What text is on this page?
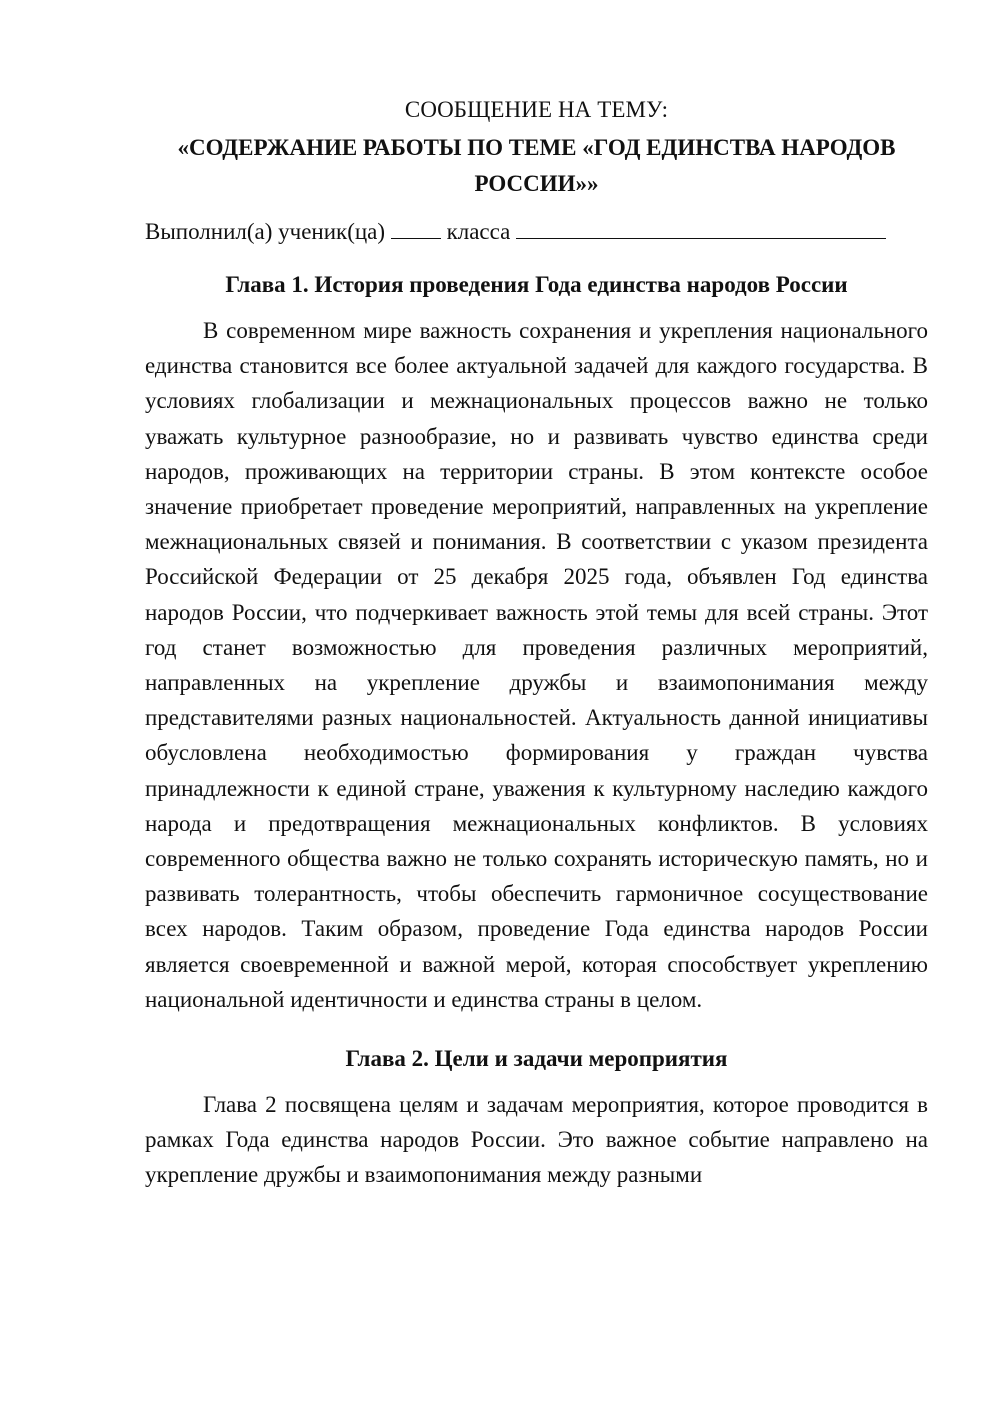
СООБЩЕНИЕ НА ТЕМУ:

«СОДЕРЖАНИЕ РАБОТЫ ПО ТЕМЕ «ГОД ЕДИНСТВА НАРОДОВ РОССИИ»»

Выполнил(а) ученик(ца)	класса

Глава 1. История проведения Года единства народов России

В современном мире важность сохранения и укрепления национального единства становится все более актуальной задачей для каждого государства. В условиях глобализации и межнациональных процессов важно не только уважать культурное разнообразие, но и развивать чувство единства среди народов, проживающих на территории страны. В этом контексте особое значение приобретает проведение мероприятий, направленных на укрепление межнациональных связей и понимания. В соответствии с указом президента Российской Федерации от 25 декабря 2025 года, объявлен Год единства народов России, что подчеркивает важность этой темы для всей страны. Этот год станет возможностью для проведения различных мероприятий, направленных на укрепление дружбы и взаимопонимания между представителями разных национальностей. Актуальность данной инициативы обусловлена необходимостью формирования у граждан чувства принадлежности к единой стране, уважения к культурному наследию каждого народа и предотвращения межнациональных конфликтов. В условиях современного общества важно не только сохранять историческую память, но и развивать толерантность, чтобы обеспечить гармоничное сосуществование всех народов. Таким образом, проведение Года единства народов России является своевременной и важной мерой, которая способствует укреплению национальной идентичности и единства страны в целом.

Глава 2. Цели и задачи мероприятия

Глава 2 посвящена целям и задачам мероприятия, которое проводится в рамках Года единства народов России. Это важное событие направлено на укрепление дружбы и взаимопонимания между разными
